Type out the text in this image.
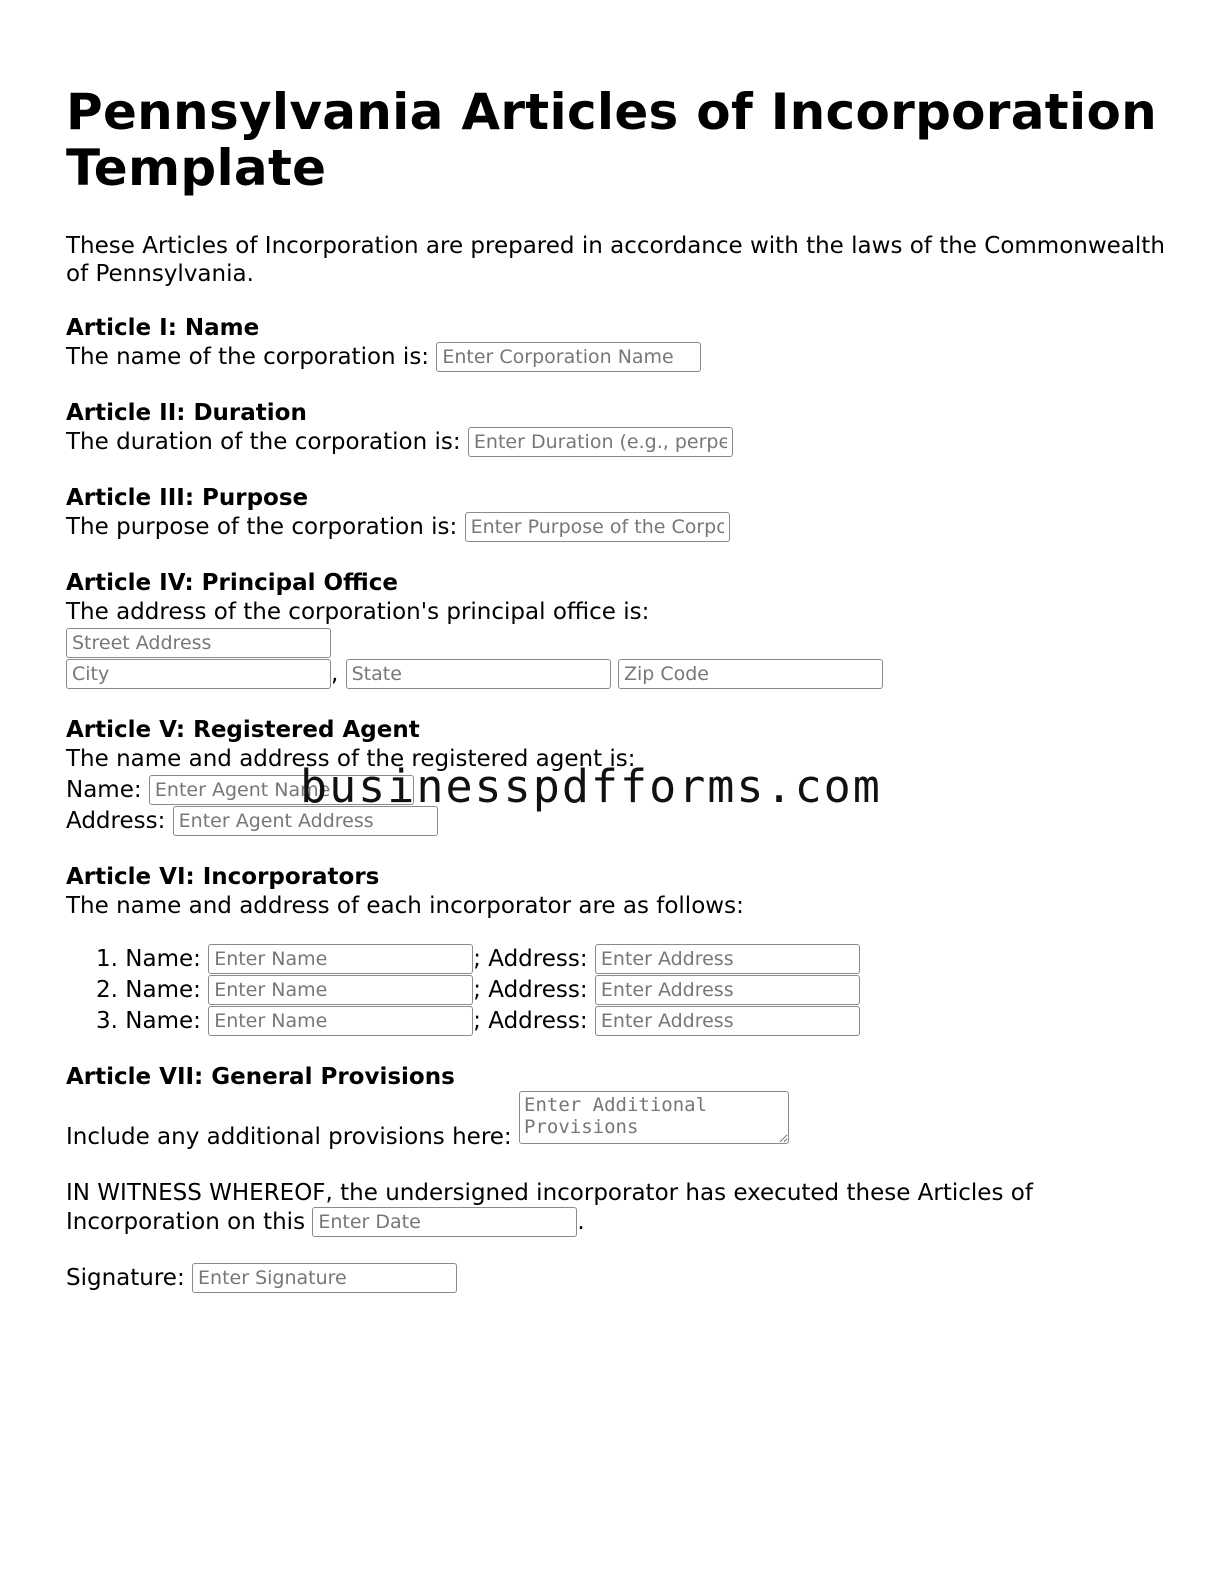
Pennsylvania Articles of Incorporation Template

These Articles of Incorporation are prepared in accordance with the laws of the Commonwealth of Pennsylvania.

Article I: Name
The name of the corporation is: Enter Corporation Name
Article II: Duration
The duration of the corporation is: Enter Duration (e.g., perpetual)
Article III: Purpose
The purpose of the corporation is: Enter Purpose of the Corporation
Article IV: Principal Office
The address of the corporation's principal office is:
Street Address
City, State Zip Code
Article V: Registered Agent
The name and address of the registered agent is:
Name: Enter Agent Name
Address: Enter Agent Address
Article VI: Incorporators
The name and address of each incorporator are as follows:
1. Name: Enter Name	; Address: Enter Address
2. Name: Enter Name	; Address: Enter Address
3. Name: Enter Name	; Address: Enter Address
Article VII: General Provisions
Include any additional provisions here: Enter Additional Provisions
IN WITNESS WHEREOF, the undersigned incorporator has executed these Articles of Incorporation on this Enter Date	.
Signature: Enter Signature
businesspdfforms.com
